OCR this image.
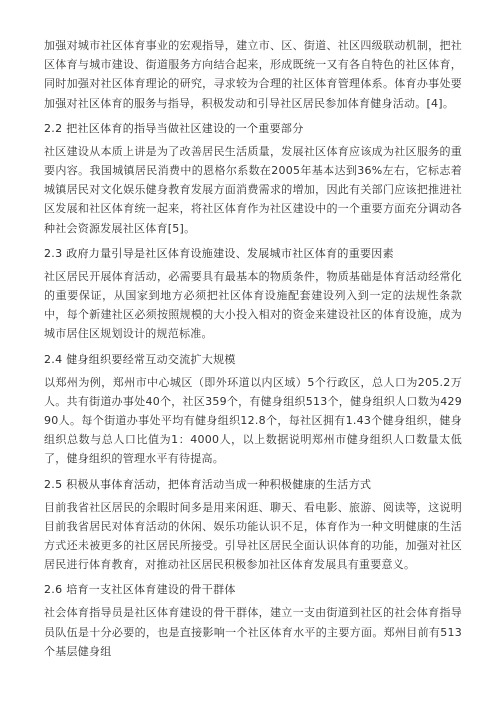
加强对城市社区体育事业的宏观指导，建立市、区、街道、社区四级联动机制，把社区体育与城市建设、街道服务方向结合起来，形成既统一又有各自特色的社区体育，同时加强对社区体育理论的研究，寻求较为合理的社区体育管理体系。体育办事处要加强对社区体育的服务与指导，积极发动和引导社区居民参加体育健身活动。[4]。

2.2 把社区体育的指导当做社区建设的一个重要部分

社区建设从本质上讲是为了改善居民生活质量，发展社区体育应该成为社区服务的重要内容。我国城镇居民消费中的恩格尔系数在2005年基本达到36%左右，它标志着城镇居民对文化娱乐健身教育发展方面消费需求的增加，因此有关部门应该把推进社区发展和社区体育统一起来，将社区体育作为社区建设中的一个重要方面充分调动各种社会资源发展社区体育[5]。

2.3 政府力量引导是社区体育设施建设、发展城市社区体育的重要因素

社区居民开展体育活动，必需要具有最基本的物质条件，物质基础是体育活动经常化的重要保证，从国家到地方必须把社区体育设施配套建设列入到一定的法规性条款中，每个新建社区必须按照规模的大小投入相对的资金来建设社区的体育设施，成为城市居住区规划设计的规范标准。

2.4 健身组织要经常互动交流扩大规模

以郑州为例，郑州市中心城区（即外环道以内区域）5个行政区，总人口为205.2万人。共有街道办事处40个，社区359个，有健身组织513个，健身组织人口数为42990人。每个街道办事处平均有健身组织12.8个，每社区拥有1.43个健身组织，健身组织总数与总人口比值为1：4000人，以上数据说明郑州市健身组织人口数量太低了，健身组织的管理水平有待提高。

2.5 积极从事体育活动，把体育活动当成一种积极健康的生活方式

目前我省社区居民的余暇时间多是用来闲逛、聊天、看电影、旅游、阅读等，这说明目前我省居民对体育活动的休闲、娱乐功能认识不足，体育作为一种文明健康的生活方式还未被更多的社区居民所接受。引导社区居民全面认识体育的功能，加强对社区居民进行体育教育，对推动社区居民积极参加社区体育发展具有重要意义。

2.6 培育一支社区体育建设的骨干群体

社会体育指导员是社区体育建设的骨干群体，建立一支由街道到社区的社会体育指导员队伍是十分必要的，也是直接影响一个社区体育水平的主要方面。郑州目前有513个基层健身组
